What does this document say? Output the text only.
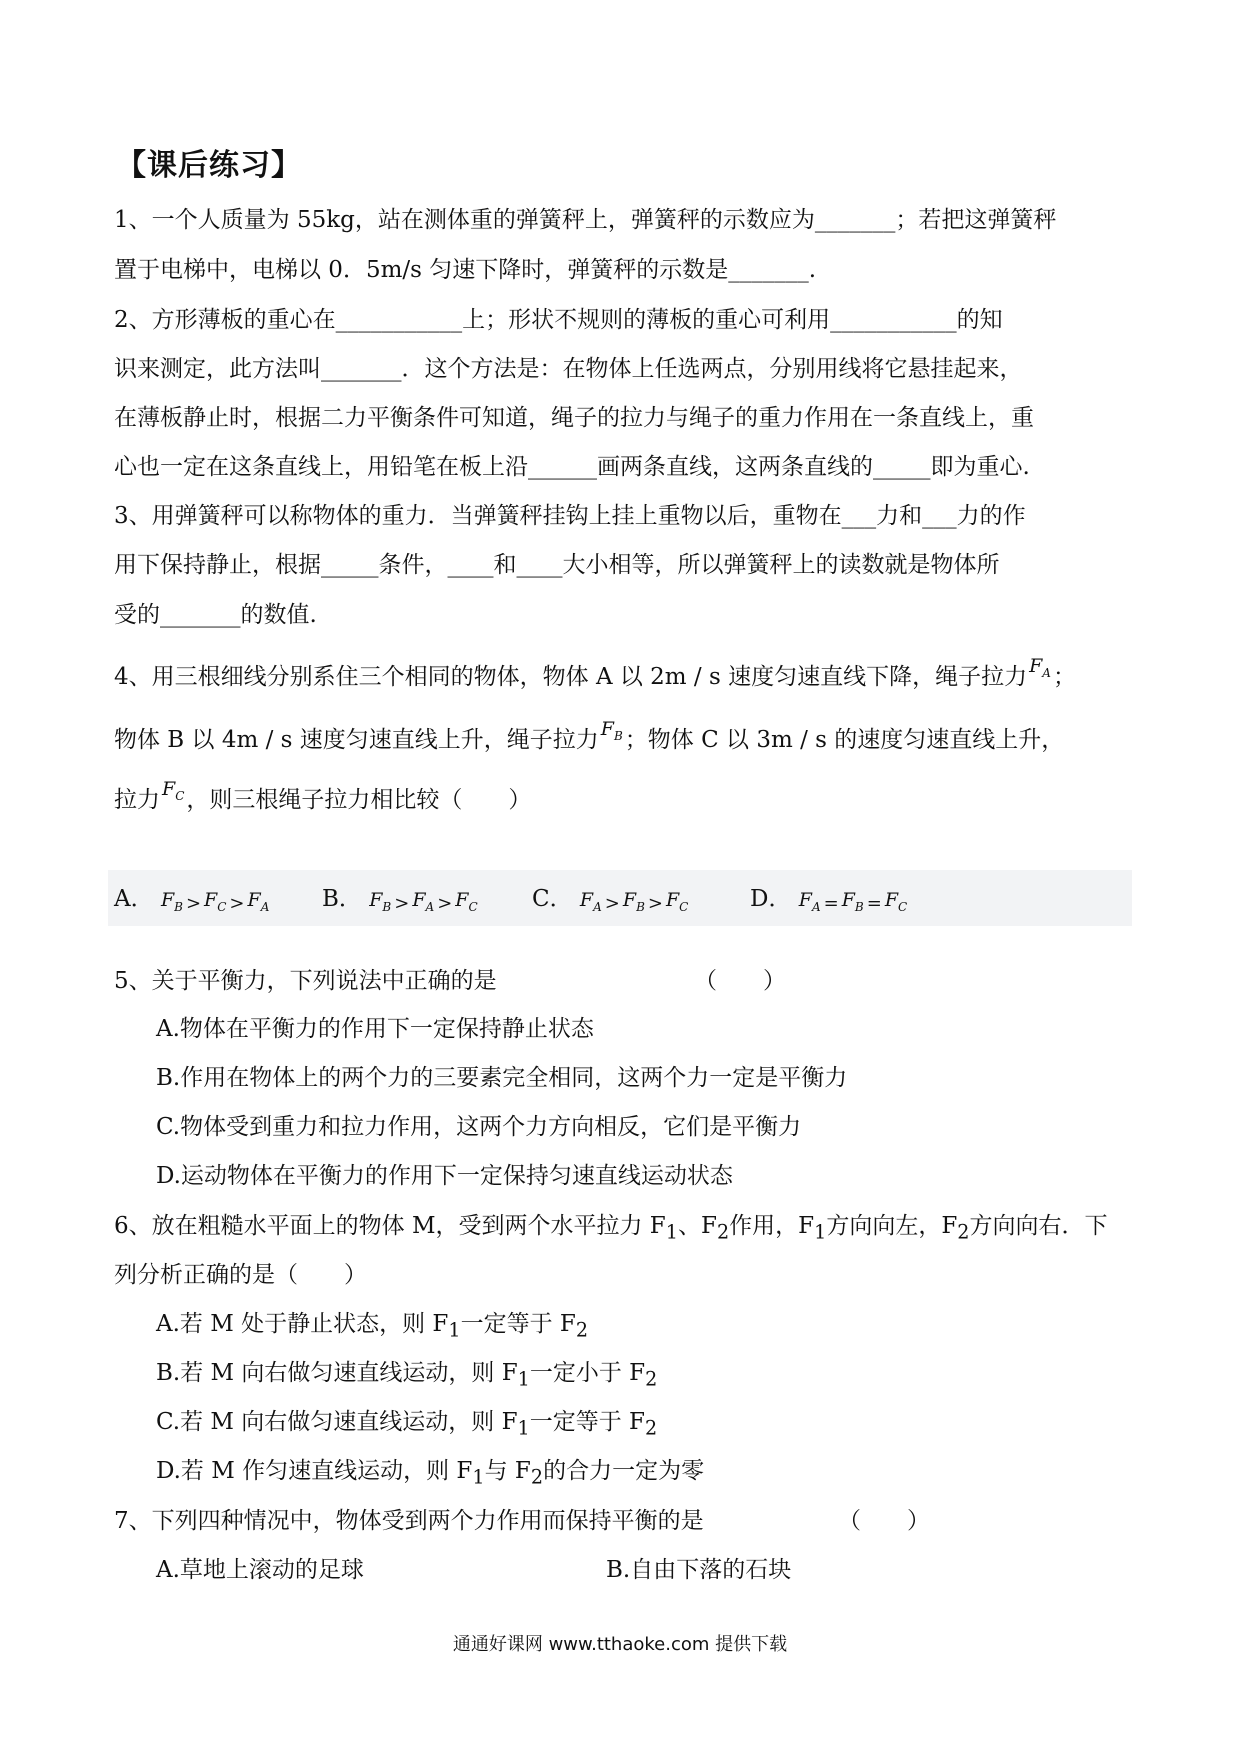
【课后练习】
1、一个人质量为 55kg，站在测体重的弹簧秤上，弹簧秤的示数应为_______；若把这弹簧秤
置于电梯中，电梯以 0．5m/s 匀速下降时，弹簧秤的示数是_______.
2、方形薄板的重心在___________上；形状不规则的薄板的重心可利用___________的知
识来测定，此方法叫_______．这个方法是：在物体上任选两点，分别用线将它悬挂起来，
在薄板静止时，根据二力平衡条件可知道，绳子的拉力与绳子的重力作用在一条直线上，重
心也一定在这条直线上，用铅笔在板上沿______画两条直线，这两条直线的_____即为重心.
3、用弹簧秤可以称物体的重力．当弹簧秤挂钩上挂上重物以后，重物在___力和___力的作
用下保持静止，根据_____条件，____和____大小相等，所以弹簧秤上的读数就是物体所
受的_______的数值.
4、用三根细线分别系住三个相同的物体，物体 A 以 2m / s 速度匀速直线下降，绳子拉力 $^{F_A}$；
物体 B 以 4m / s 速度匀速直线上升，绳子拉力 $^{F_B}$；物体 C 以 3m / s 的速度匀速直线上升，
拉力 $^{F_C}$，则三根绳子拉力相比较（　　）
A． $F_B > F_C > F_A$ B． $F_B > F_A > F_C$ C． $F_A > F_B > F_C$	D． $F_A = F_B = F_C$
5、关于平衡力，下列说法中正确的是	（　　）
A.物体在平衡力的作用下一定保持静止状态
B.作用在物体上的两个力的三要素完全相同，这两个力一定是平衡力
C.物体受到重力和拉力作用，这两个力方向相反，它们是平衡力
D.运动物体在平衡力的作用下一定保持匀速直线运动状态
6、放在粗糙水平面上的物体 M，受到两个水平拉力 $F_1$、$F_2$作用，$F_1$方向向左，$F_2$方向向右．下
列分析正确的是（　　）
A.若 M 处于静止状态，则 $F_1$一定等于 $F_2$
B.若 M 向右做匀速直线运动，则 $F_1$一定小于 $F_2$
C.若 M 向右做匀速直线运动，则 $F_1$一定等于 $F_2$
D.若 M 作匀速直线运动，则 $F_1$与 $F_2$的合力一定为零
7、下列四种情况中，物体受到两个力作用而保持平衡的是	（　　）
A.草地上滚动的足球	B.自由下落的石块
通通好课网 www.tthaoke.com 提供下载
